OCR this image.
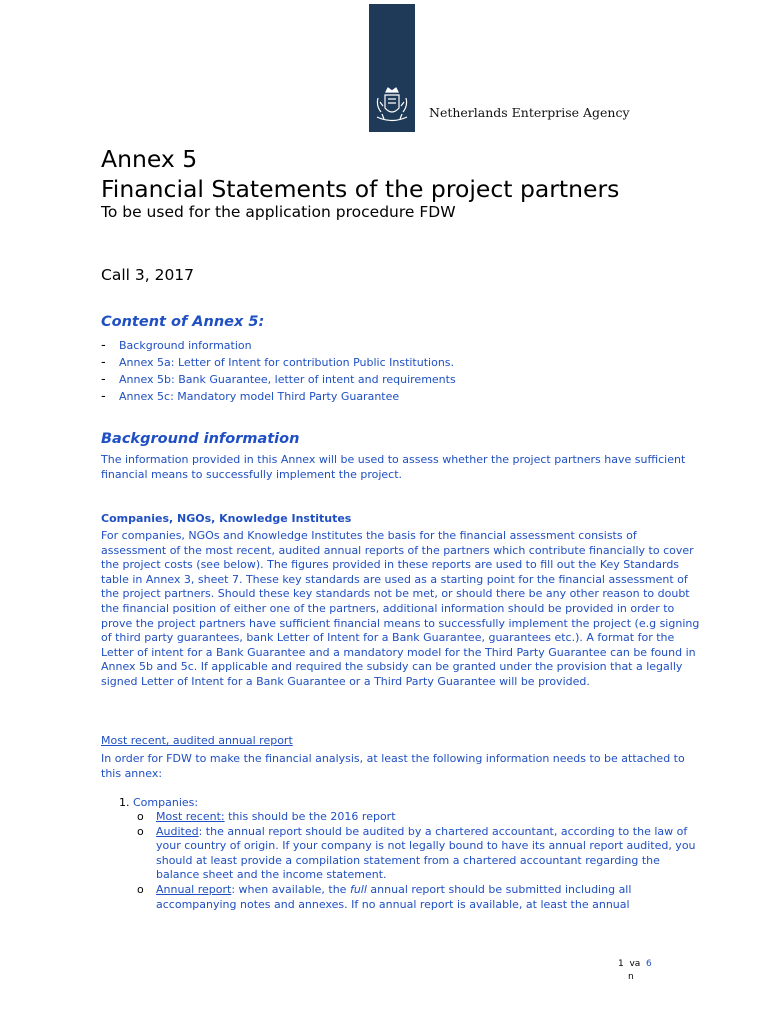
Netherlands Enterprise Agency
Annex 5
Financial Statements of the project partners
To be used for the application procedure FDW
Call 3, 2017
Content of Annex 5:
- Background information
- Annex 5a: Letter of Intent for contribution Public Institutions.
- Annex 5b: Bank Guarantee, letter of intent and requirements
- Annex 5c: Mandatory model Third Party Guarantee
Background information
The information provided in this Annex will be used to assess whether the project partners have sufficient financial means to successfully implement the project.
Companies, NGOs, Knowledge Institutes
For companies, NGOs and Knowledge Institutes the basis for the financial assessment consists of assessment of the most recent, audited annual reports of the partners which contribute financially to cover the project costs (see below). The figures provided in these reports are used to fill out the Key Standards table in Annex 3, sheet 7. These key standards are used as a starting point for the financial assessment of the project partners. Should these key standards not be met, or should there be any other reason to doubt the financial position of either one of the partners, additional information should be provided in order to prove the project partners have sufficient financial means to successfully implement the project (e.g signing of third party guarantees, bank Letter of Intent for a Bank Guarantee, guarantees etc.). A format for the Letter of intent for a Bank Guarantee and a mandatory model for the Third Party Guarantee can be found in Annex 5b and 5c. If applicable and required the subsidy can be granted under the provision that a legally signed Letter of Intent for a Bank Guarantee or a Third Party Guarantee will be provided.
Most recent, audited annual report
In order for FDW to make the financial analysis, at least the following information needs to be attached to this annex:
1. Companies:
o Most recent: this should be the 2016 report
o Audited: the annual report should be audited by a chartered accountant, according to the law of your country of origin. If your company is not legally bound to have its annual report audited, you should at least provide a compilation statement from a chartered accountant regarding the balance sheet and the income statement.
o Annual report: when available, the full annual report should be submitted including all accompanying notes and annexes. If no annual report is available, at least the annual
1 va 6
n
